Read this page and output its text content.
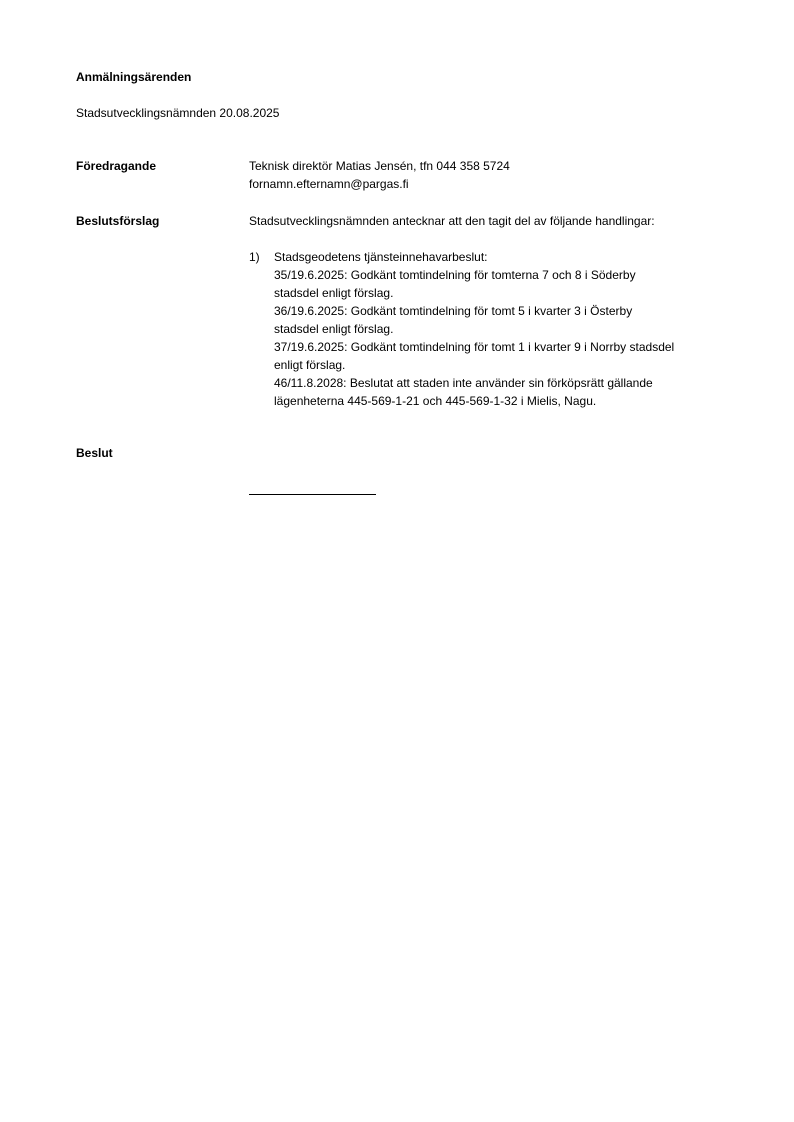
Anmälningsärenden
Stadsutvecklingsnämnden 20.08.2025
Föredragande	Teknisk direktör Matias Jensén, tfn 044 358 5724
fornamn.efternamn@pargas.fi
Beslutsförslag	Stadsutvecklingsnämnden antecknar att den tagit del av följande handlingar:
1)	Stadsgeodetens tjänsteinnehavarbeslut:
35/19.6.2025: Godkänt tomtindelning för tomterna 7 och 8 i Söderby
stadsdel enligt förslag.
36/19.6.2025: Godkänt tomtindelning för tomt 5 i kvarter 3 i Österby
stadsdel enligt förslag.
37/19.6.2025: Godkänt tomtindelning för tomt 1 i kvarter 9 i Norrby stadsdel
enligt förslag.
46/11.8.2028: Beslutat att staden inte använder sin förköpsrätt gällande
lägenheterna 445-569-1-21 och 445-569-1-32 i Mielis, Nagu.
Beslut
